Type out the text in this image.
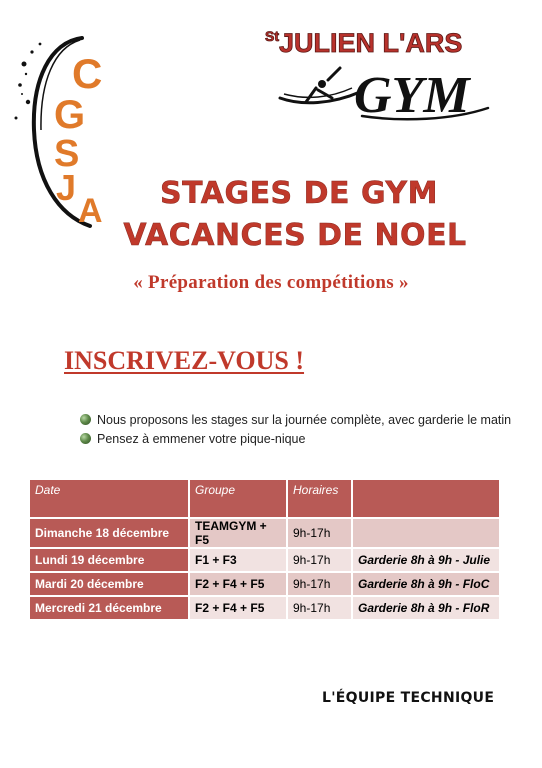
C
G
S
J
A
$^{St}$JULIEN L'ARS
GYM
STAGES DE GYM
VACANCES DE NOEL
« Préparation des compétitions »
INSCRIVEZ-VOUS !
Nous proposons les stages sur la journée complète, avec garderie le matin
Pensez à emmener votre pique-nique
Date	Groupe	Horaires	
Dimanche 18 décembre	TEAMGYM + F5	9h-17h	
Lundi 19 décembre	F1 + F3	9h-17h	Garderie 8h à 9h - Julie
Mardi 20 décembre	F2 + F4 + F5	9h-17h	Garderie 8h à 9h - FloC
Mercredi 21 décembre	F2 + F4 + F5	9h-17h	Garderie 8h à 9h - FloR
L'ÉQUIPE TECHNIQUE
